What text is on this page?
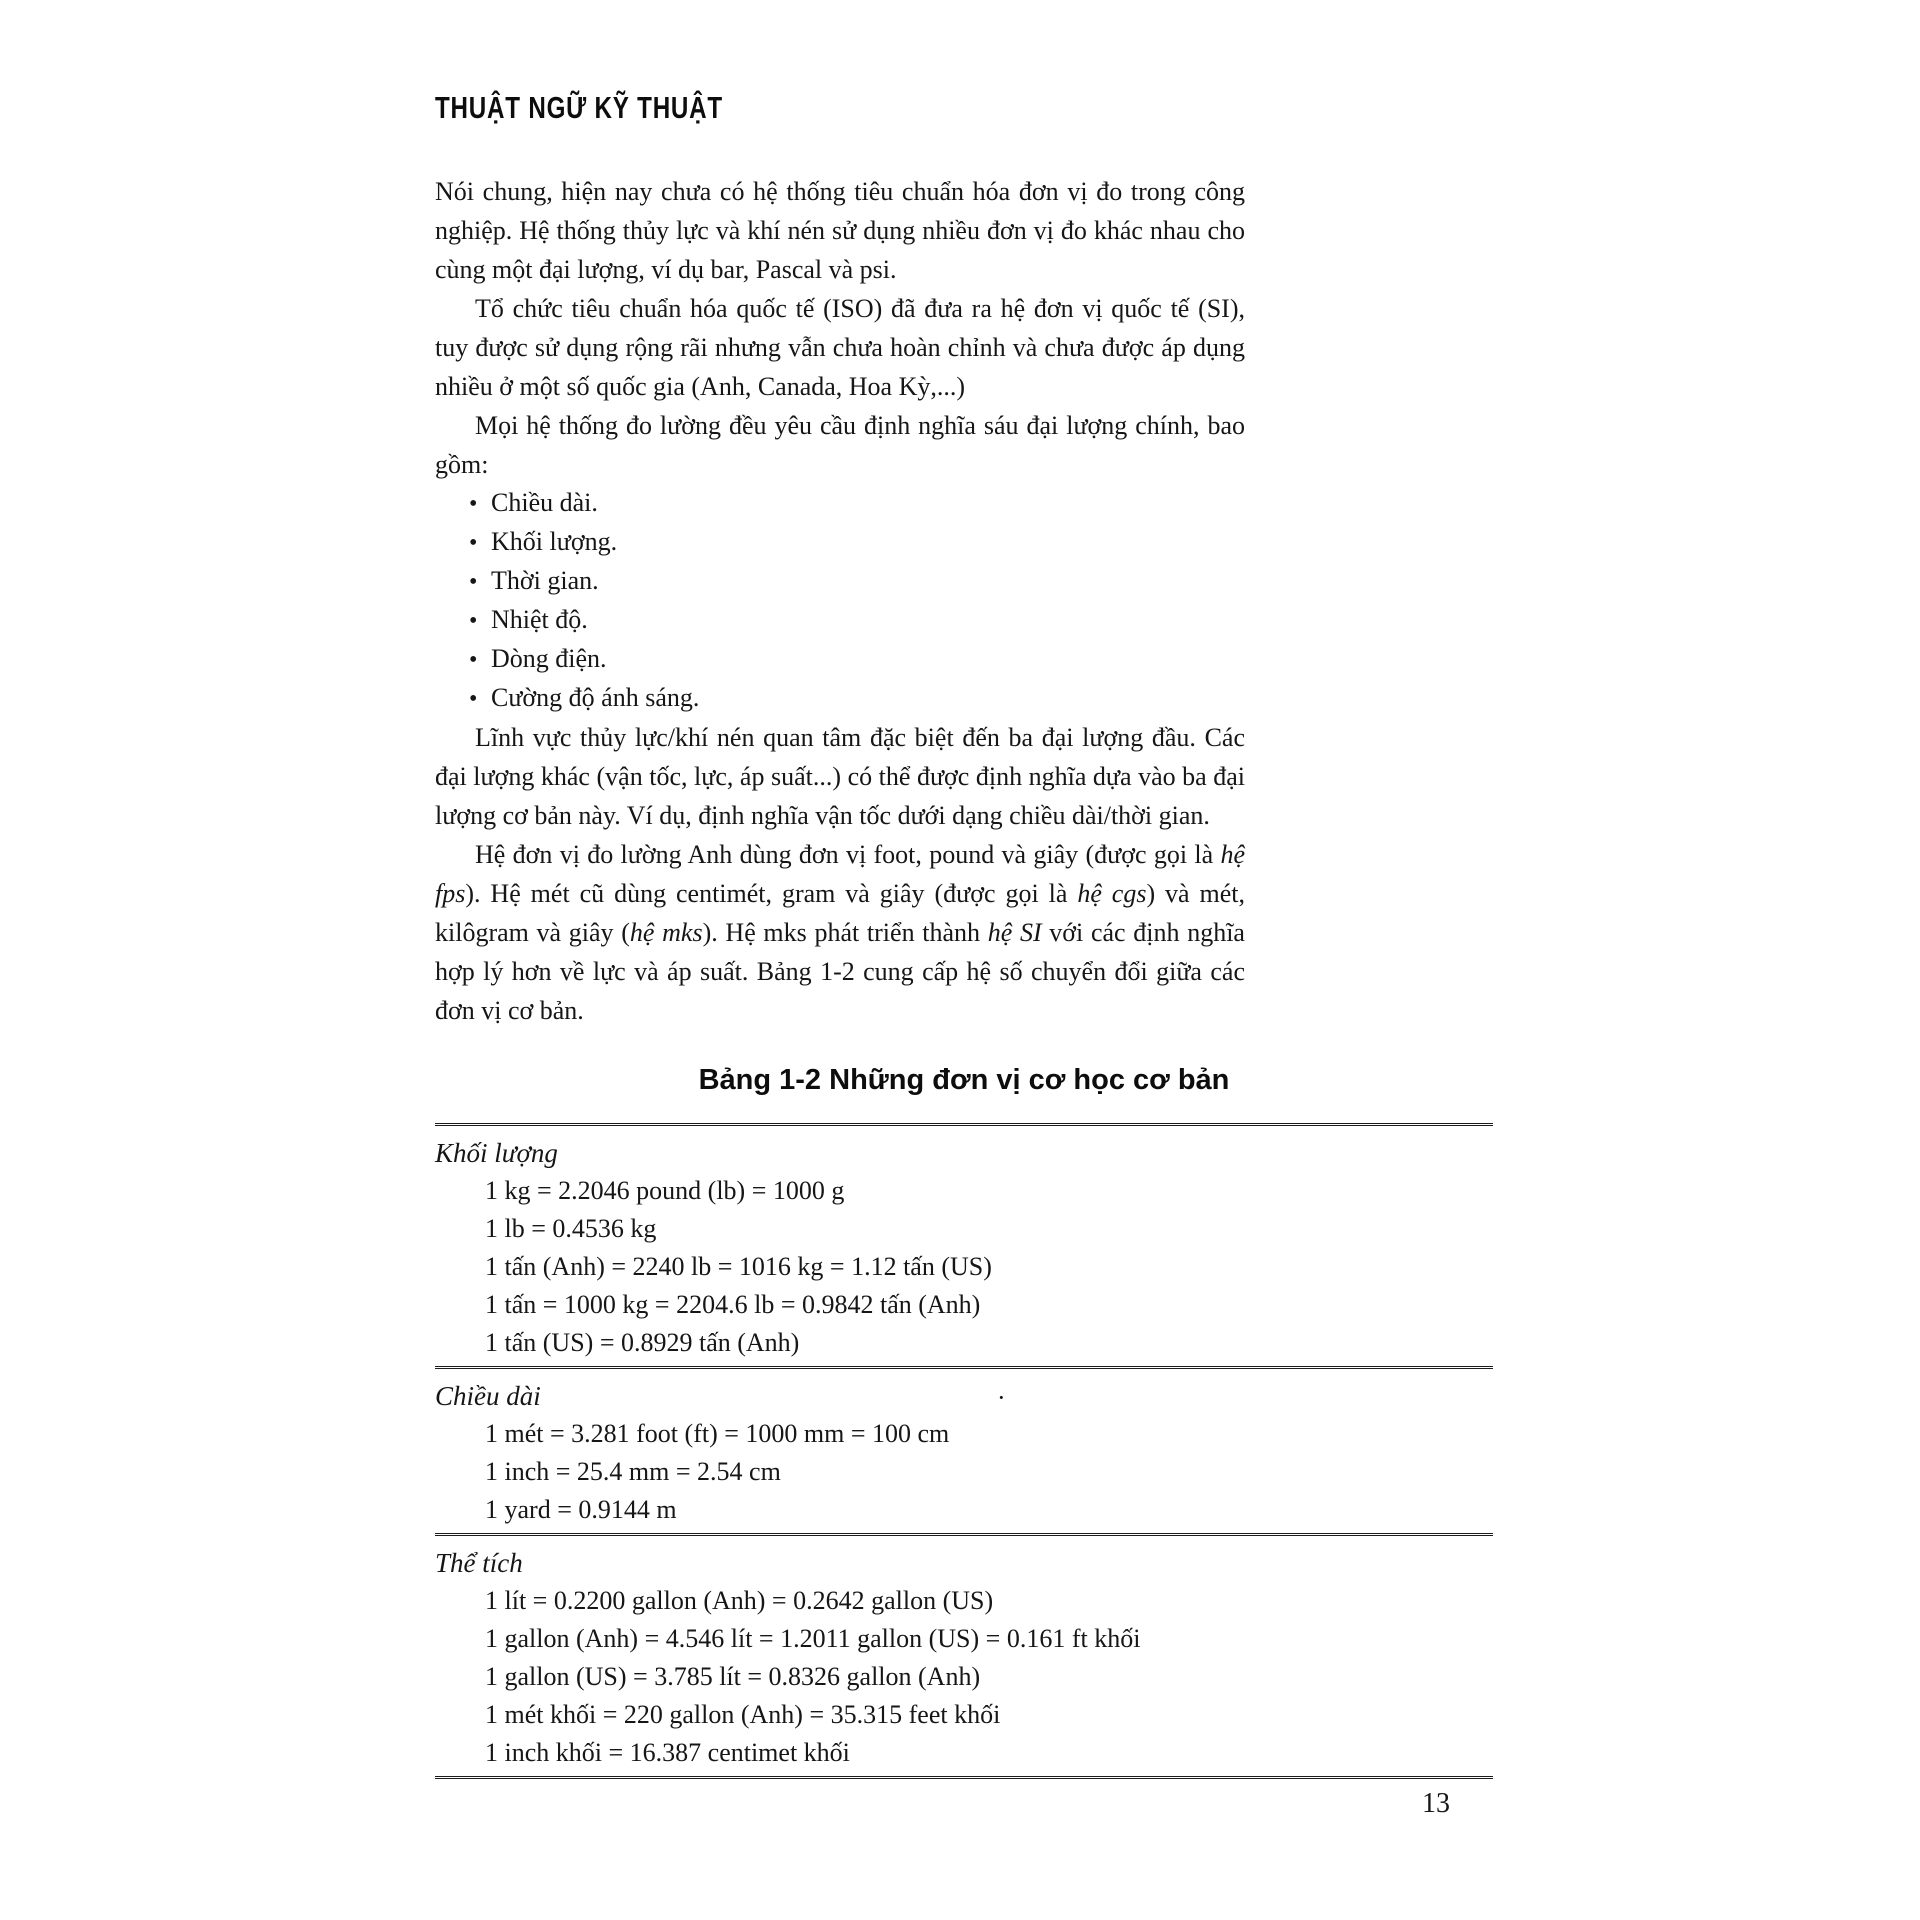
THUẬT NGỮ KỸ THUẬT

Nói chung, hiện nay chưa có hệ thống tiêu chuẩn hóa đơn vị đo trong công nghiệp. Hệ thống thủy lực và khí nén sử dụng nhiều đơn vị đo khác nhau cho cùng một đại lượng, ví dụ bar, Pascal và psi.

Tổ chức tiêu chuẩn hóa quốc tế (ISO) đã đưa ra hệ đơn vị quốc tế (SI), tuy được sử dụng rộng rãi nhưng vẫn chưa hoàn chỉnh và chưa được áp dụng nhiều ở một số quốc gia (Anh, Canada, Hoa Kỳ,...)

Mọi hệ thống đo lường đều yêu cầu định nghĩa sáu đại lượng chính, bao gồm:

• Chiều dài.

• Khối lượng.

• Thời gian.

• Nhiệt độ.

• Dòng điện.

• Cường độ ánh sáng.

Lĩnh vực thủy lực/khí nén quan tâm đặc biệt đến ba đại lượng đầu. Các đại lượng khác (vận tốc, lực, áp suất...) có thể được định nghĩa dựa vào ba đại lượng cơ bản này. Ví dụ, định nghĩa vận tốc dưới dạng chiều dài/thời gian.

Hệ đơn vị đo lường Anh dùng đơn vị foot, pound và giây (được gọi là hệ fps). Hệ mét cũ dùng centimét, gram và giây (được gọi là hệ cgs) và mét, kilôgram và giây (hệ mks). Hệ mks phát triển thành hệ SI với các định nghĩa hợp lý hơn về lực và áp suất. Bảng 1-2 cung cấp hệ số chuyển đổi giữa các đơn vị cơ bản.

Bảng 1-2 Những đơn vị cơ học cơ bản
Khối lượng
1 kg = 2.2046 pound (lb) = 1000 g
1 lb = 0.4536 kg
1 tấn (Anh) = 2240 lb = 1016 kg = 1.12 tấn (US)
1 tấn = 1000 kg = 2204.6 lb = 0.9842 tấn (Anh)
1 tấn (US) = 0.8929 tấn (Anh)
Chiều dài	·
1 mét = 3.281 foot (ft) = 1000 mm = 100 cm
1 inch = 25.4 mm = 2.54 cm
1 yard = 0.9144 m
Thể tích
1 lít = 0.2200 gallon (Anh) = 0.2642 gallon (US)
1 gallon (Anh) = 4.546 lít = 1.2011 gallon (US) = 0.161 ft khối
1 gallon (US) = 3.785 lít = 0.8326 gallon (Anh)
1 mét khối = 220 gallon (Anh) = 35.315 feet khối
1 inch khối = 16.387 centimet khối
13
